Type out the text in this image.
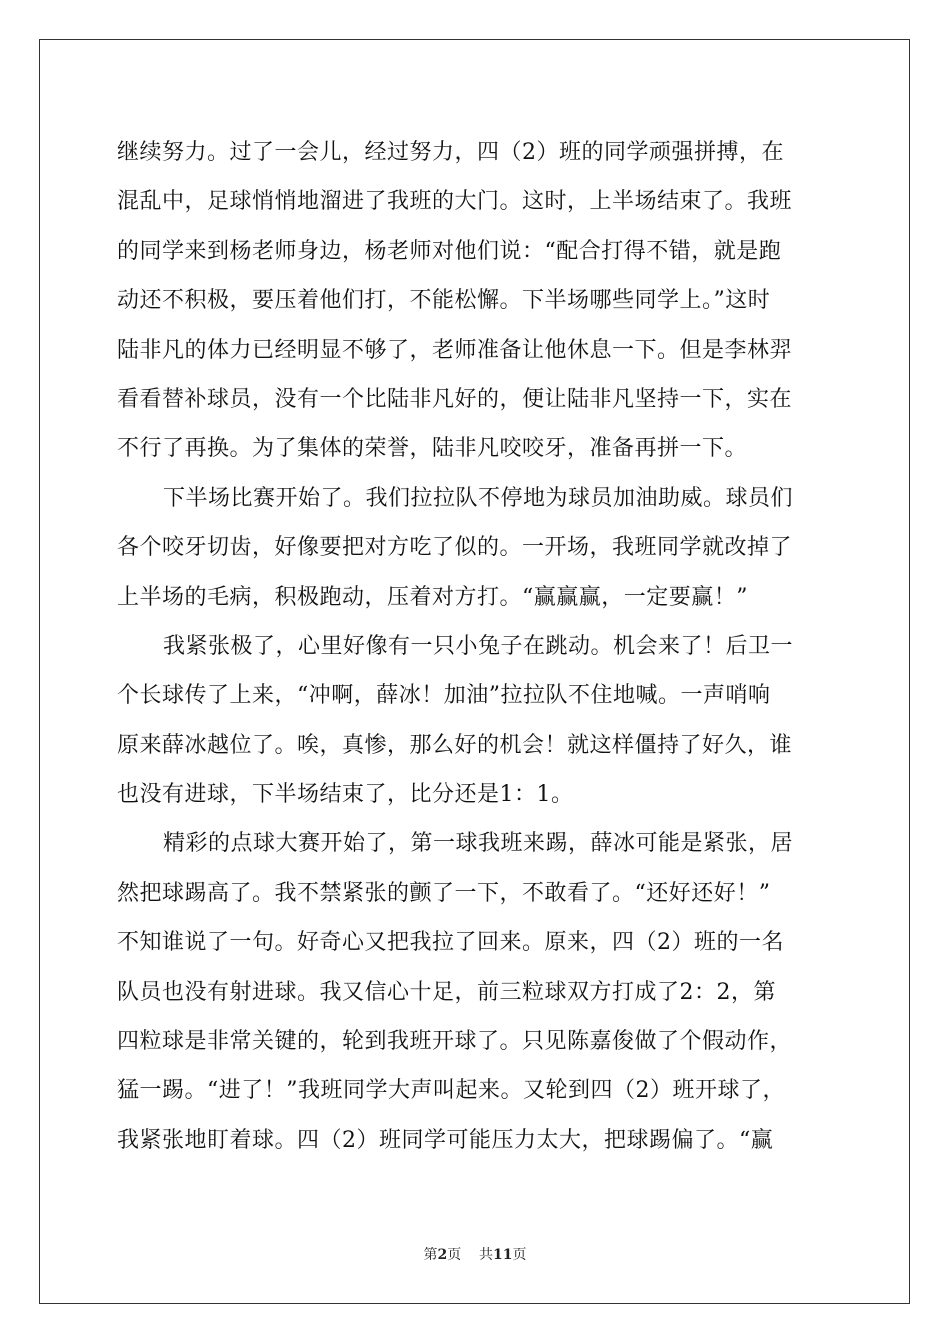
继续努力。过了一会儿，经过努力，四（2）班的同学顽强拼搏，在
混乱中，足球悄悄地溜进了我班的大门。这时，上半场结束了。我班
的同学来到杨老师身边，杨老师对他们说：“配合打得不错，就是跑
动还不积极，要压着他们打，不能松懈。下半场哪些同学上。”这时
陆非凡的体力已经明显不够了，老师准备让他休息一下。但是李林羿
看看替补球员，没有一个比陆非凡好的，便让陆非凡坚持一下，实在
不行了再换。为了集体的荣誉，陆非凡咬咬牙，准备再拼一下。
下半场比赛开始了。我们拉拉队不停地为球员加油助威。球员们
各个咬牙切齿，好像要把对方吃了似的。一开场，我班同学就改掉了
上半场的毛病，积极跑动，压着对方打。“赢赢赢，一定要赢！”
我紧张极了，心里好像有一只小兔子在跳动。机会来了！后卫一
个长球传了上来，“冲啊，薛冰！加油”拉拉队不住地喊。一声哨响
原来薛冰越位了。唉，真惨，那么好的机会！就这样僵持了好久，谁
也没有进球，下半场结束了，比分还是1：1。
精彩的点球大赛开始了，第一球我班来踢，薛冰可能是紧张，居
然把球踢高了。我不禁紧张的颤了一下，不敢看了。“还好还好！”
不知谁说了一句。好奇心又把我拉了回来。原来，四（2）班的一名
队员也没有射进球。我又信心十足，前三粒球双方打成了2：2，第
四粒球是非常关键的，轮到我班开球了。只见陈嘉俊做了个假动作，
猛一踢。“进了！”我班同学大声叫起来。又轮到四（2）班开球了，
我紧张地盯着球。四（2）班同学可能压力太大，把球踢偏了。“赢
第2页 共11页
